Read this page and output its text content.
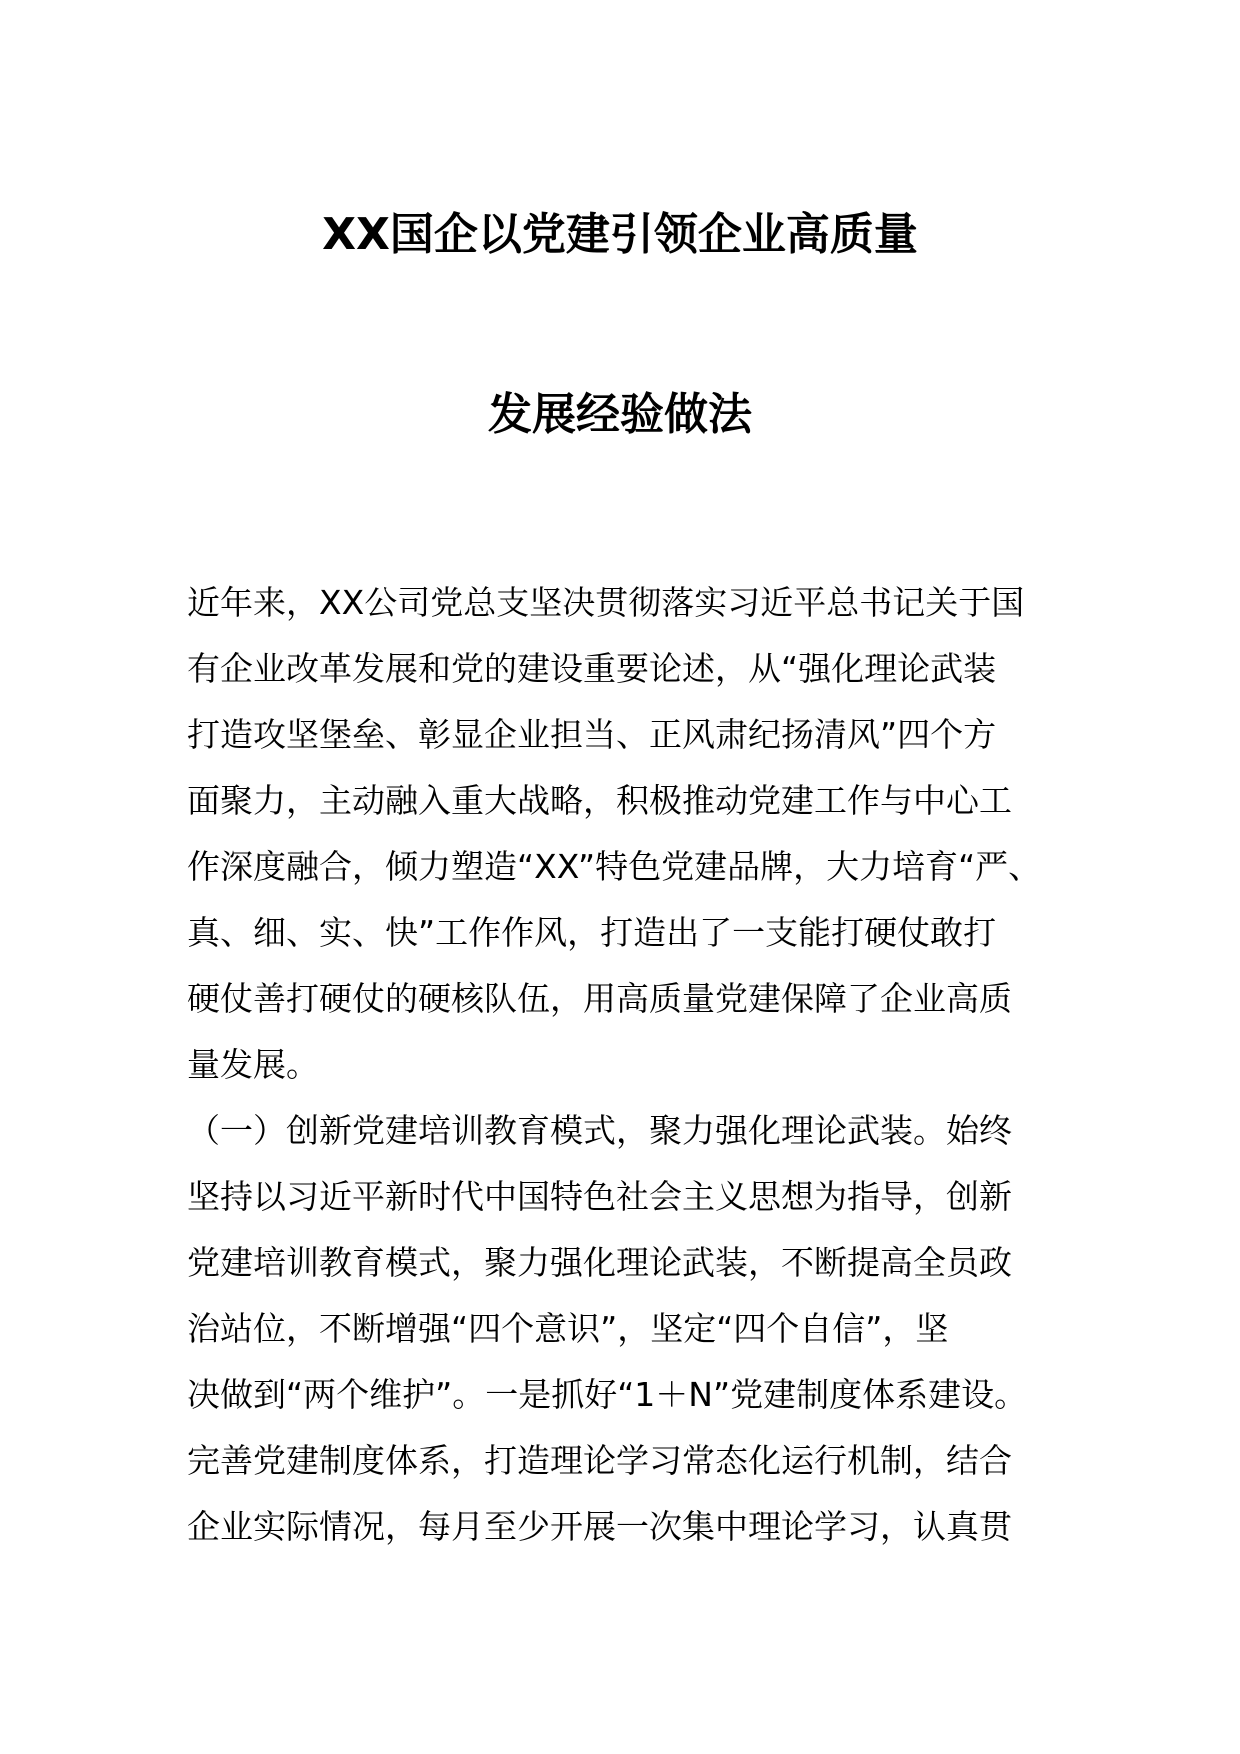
XX国企以党建引领企业高质量
发展经验做法
近年来，XX公司党总支坚决贯彻落实习近平总书记关于国
有企业改革发展和党的建设重要论述，从“强化理论武装
打造攻坚堡垒、彰显企业担当、正风肃纪扬清风”四个方
面聚力，主动融入重大战略，积极推动党建工作与中心工
作深度融合，倾力塑造“XX”特色党建品牌，大力培育“严、
真、细、实、快”工作作风，打造出了一支能打硬仗敢打
硬仗善打硬仗的硬核队伍，用高质量党建保障了企业高质
量发展。
（一）创新党建培训教育模式，聚力强化理论武装。始终
坚持以习近平新时代中国特色社会主义思想为指导，创新
党建培训教育模式，聚力强化理论武装，不断提高全员政
治站位，不断增强“四个意识”，坚定“四个自信”，坚
决做到“两个维护”。一是抓好“1＋N”党建制度体系建设。
完善党建制度体系，打造理论学习常态化运行机制，结合
企业实际情况，每月至少开展一次集中理论学习，认真贯
